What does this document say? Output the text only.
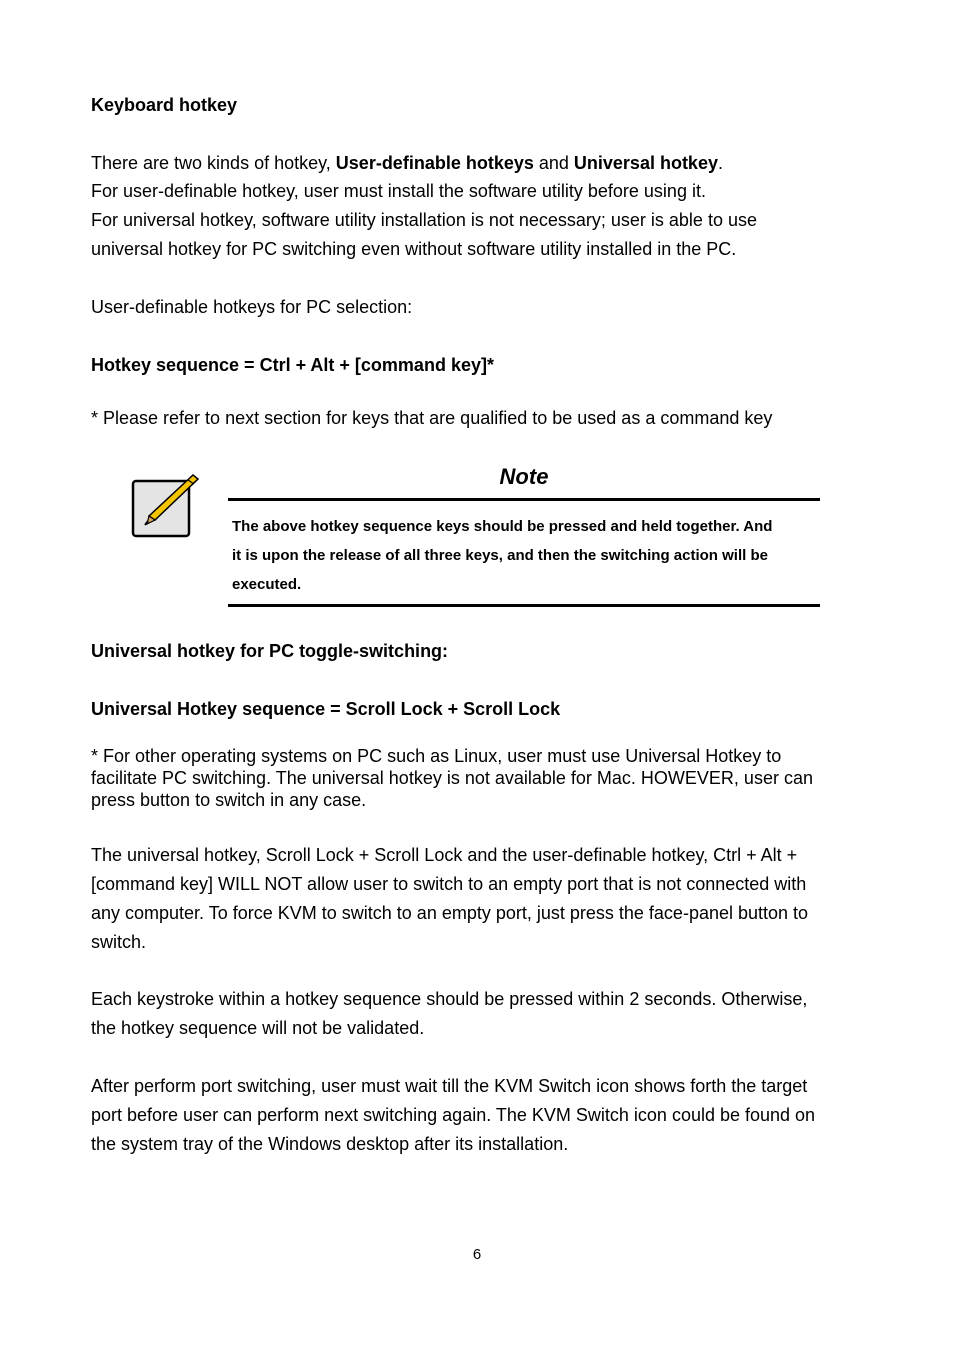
Keyboard hotkey

There are two kinds of hotkey, User-definable hotkeys and Universal hotkey.

For user-definable hotkey, user must install the software utility before using it.

For universal hotkey, software utility installation is not necessary; user is able to use

universal hotkey for PC switching even without software utility installed in the PC.

User-definable hotkeys for PC selection:

Hotkey sequence = Ctrl + Alt + [command key]*

* Please refer to next section for keys that are qualified to be used as a command key

Note

The above hotkey sequence keys should be pressed and held together. And
it is upon the release of all three keys, and then the switching action will be
executed.

Universal hotkey for PC toggle-switching:

Universal Hotkey sequence = Scroll Lock + Scroll Lock

* For other operating systems on PC such as Linux, user must use Universal Hotkey to
facilitate PC switching. The universal hotkey is not available for Mac. HOWEVER, user can
press button to switch in any case.
The universal hotkey, Scroll Lock + Scroll Lock and the user-definable hotkey, Ctrl + Alt +
[command key] WILL NOT allow user to switch to an empty port that is not connected with
any computer. To force KVM to switch to an empty port, just press the face-panel button to
switch.
Each keystroke within a hotkey sequence should be pressed within 2 seconds. Otherwise,
the hotkey sequence will not be validated.
After perform port switching, user must wait till the KVM Switch icon shows forth the target
port before user can perform next switching again. The KVM Switch icon could be found on
the system tray of the Windows desktop after its installation.
6
